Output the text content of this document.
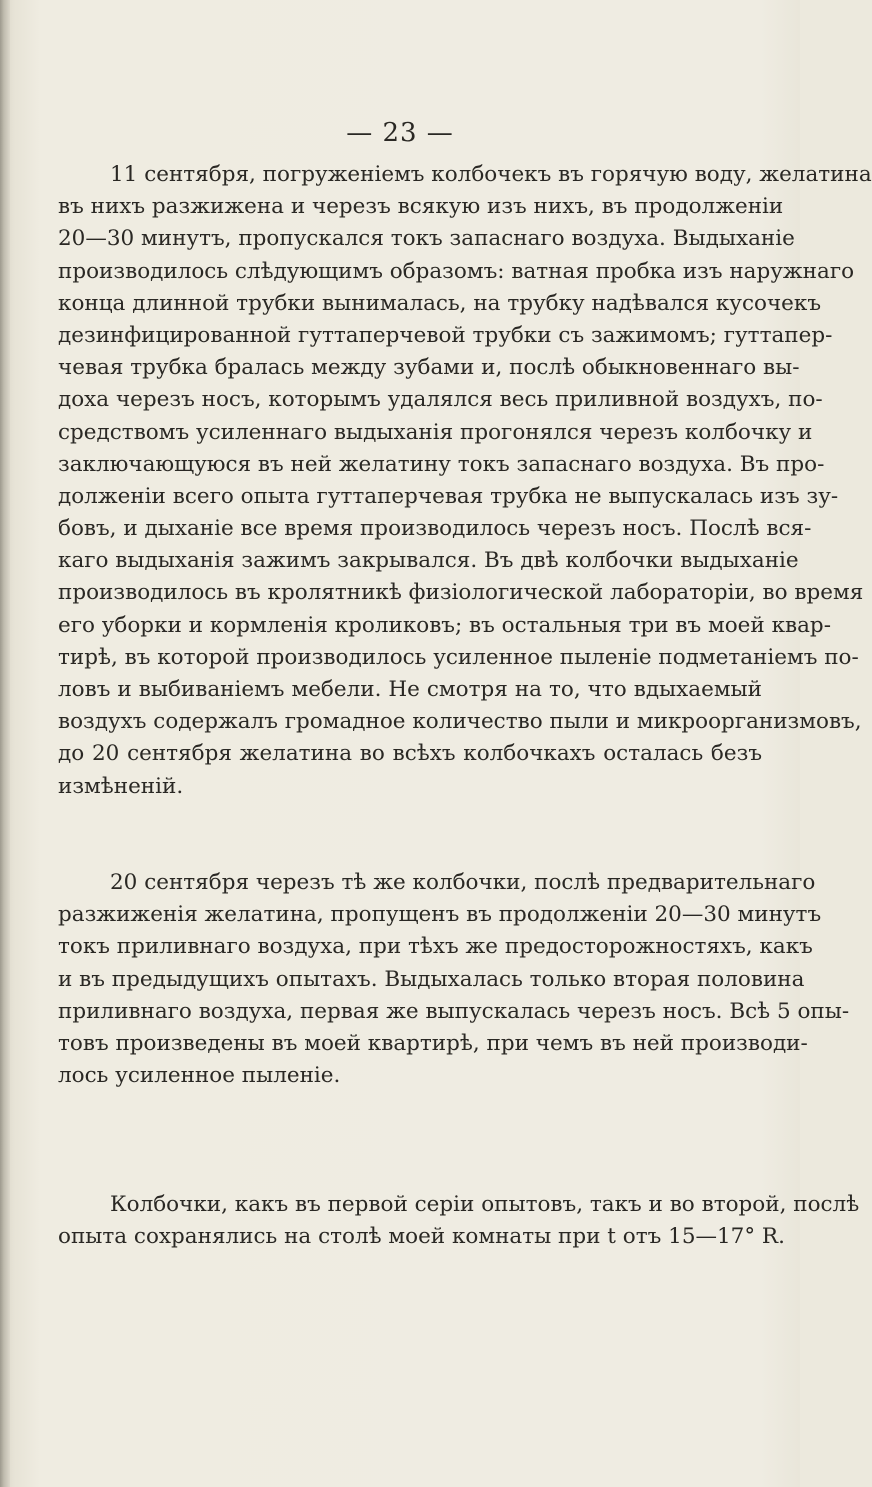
— 23 —
11 сентября, погруженіемъ колбочекъ въ горячую воду, желатина
въ нихъ разжижена и черезъ всякую изъ нихъ, въ продолженіи
20—30 минутъ, пропускался токъ запаснаго воздуха. Выдыханіе
производилось слѣдующимъ образомъ: ватная пробка изъ наружнаго
конца длинной трубки вынималась, на трубку надѣвался кусочекъ
дезинфицированной гуттаперчевой трубки съ зажимомъ; гуттапер-
чевая трубка бралась между зубами и, послѣ обыкновеннаго вы-
доха черезъ носъ, которымъ удалялся весь приливной воздухъ, по-
средствомъ усиленнаго выдыханія прогонялся черезъ колбочку и
заключающуюся въ ней желатину токъ запаснаго воздуха. Въ про-
долженіи всего опыта гуттаперчевая трубка не выпускалась изъ зу-
бовъ, и дыханіе все время производилось черезъ носъ. Послѣ вся-
каго выдыханія зажимъ закрывался. Въ двѣ колбочки выдыханіе
производилось въ кролятникѣ физіологической лабораторіи, во время
его уборки и кормленія кроликовъ; въ остальныя три въ моей квар-
тирѣ, въ которой производилось усиленное пыленіе подметаніемъ по-
ловъ и выбиваніемъ мебели. Не смотря на то, что вдыхаемый
воздухъ содержалъ громадное количество пыли и микроорганизмовъ,
до 20 сентября желатина во всѣхъ колбочкахъ осталась безъ
измѣненій.
20 сентября черезъ тѣ же колбочки, послѣ предварительнаго
разжиженія желатина, пропущенъ въ продолженіи 20—30 минутъ
токъ приливнаго воздуха, при тѣхъ же предосторожностяхъ, какъ
и въ предыдущихъ опытахъ. Выдыхалась только вторая половина
приливнаго воздуха, первая же выпускалась черезъ носъ. Всѣ 5 опы-
товъ произведены въ моей квартирѣ, при чемъ въ ней производи-
лось усиленное пыленіе.
Колбочки, какъ въ первой серіи опытовъ, такъ и во второй, послѣ
опыта сохранялись на столѣ моей комнаты при t отъ 15—17° R.
